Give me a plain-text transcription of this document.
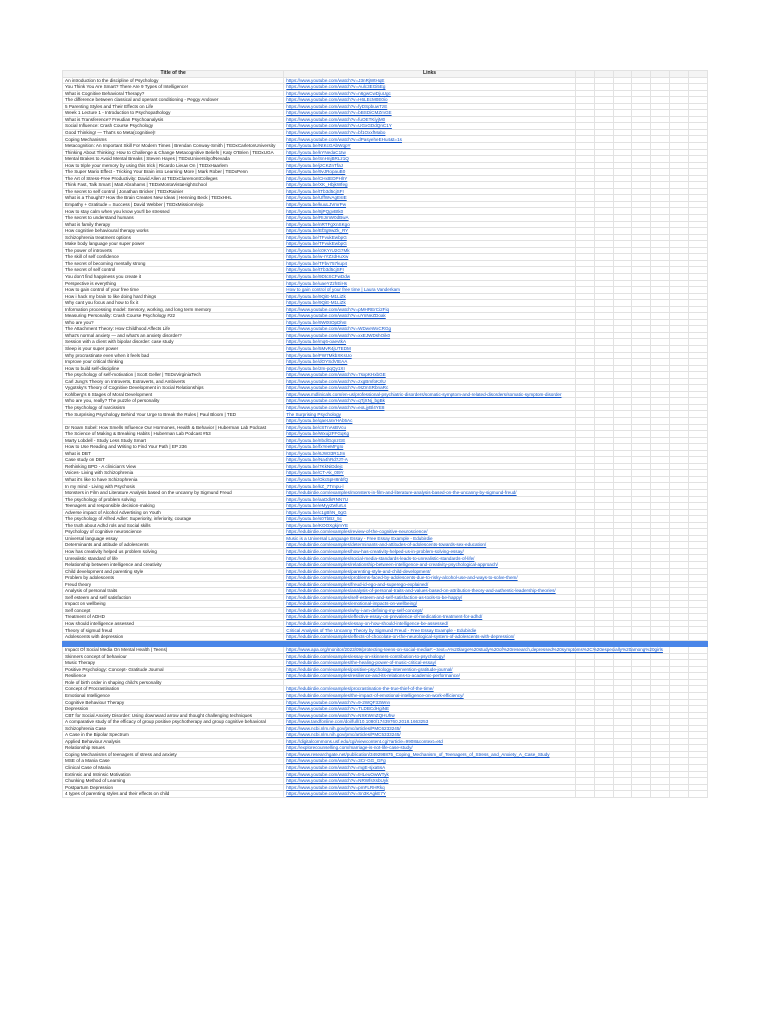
Title of the	Links							
An introduction to the discipline of Psychology	https://www.youtube.com/watch?v=J3nRjWtHqE							
You Think You Are Smart? There Are 9 Types of Intelligence!	https://www.youtube.com/watch?v=Aulc3EGi5Eg							
What is Cognitive Behavioral Therapy?	https://www.youtube.com/watch?v=n6gwCwDjuUgc							
The difference between classical and operant conditioning - Peggy Andover	https://www.youtube.com/watch?v=H6LEcM0E0io							
5 Parenting Styles and Their Effects on Life	https://www.youtube.com/watch?v=fyDSpbuwTzE							
Week 1 Lecture 1 - Introduction to Psychopathology	https://www.youtube.com/watch?v=bBSDiCMZmGE							
What is Transference? Freudian Psychoanalysis	https://www.youtube.com/watch?v=fuOETKiyjM0							
Social Influence: Crash Course Psychology	https://www.youtube.com/watch?v=UGxGDdQnC1Y							
Good Thinking! — That's so Meta(cognitive)!	https://www.youtube.com/watch?v=bf1OxxfMabo							
Coping Mechanisms	https://www.youtube.com/watch?v=dPasyeheEHu4&t=1s							
Metacognition: An Important Skill For Modern Times | Brendan Conway-Smith | TEDxCarletonUniversity	https://youtu.be/NtKcGAbWqpY							
Thinking About Thinking: How to Challenge & Change Metacognitive Beliefs | Katy O'Brien | TEDxUGA	https://youtu.be/kYNedaC1tw							
Mental Brakes to Avoid Mental Breaks | Steven Hayes | TEDxUniversityofNevada	https://youtu.be/SnHnjBRLz1Q							
How to triple your memory by using this trick | Ricardo Lieuw On | TEDxHaarlem	https://youtu.be/jzCKZnTfaJ							
The Super Mario Effect - Tricking Your Brain into Learning More | Mark Rober | TEDxPenn	https://youtu.be/9vJRopauB0							
The Art of Stress-Free Productivity: David Allen at TEDxClaremontColleges	https://youtu.be/CHxtEDPHlIY							
Think Fast, Talk Smart | Matt Abrahams | TEDxMontaVistaHighSchool	https://youtu.be/XK_HbjkWfeg							
The secret to self control | Jonathan Bricker | TEDxRainier	https://youtu.be/tTb3d5cjSFI							
What is a Thought? How the Brain Creates New Ideas | Henning Beck | TEDxHHL	https://youtu.be/UffWvAgEsIE							
Empathy + Gratitude = Success | David Webber | TEDxMissionViejo	https://youtu.be/kuuLJVmrPw							
How to stay calm when you know you'll be stressed	https://youtu.be/8jPQgvBtk0							
The secret to understand humans	https://youtu.be/RIJmW0dBwA							
What is family therapy	https://youtu.be/nRTFgXnSKgo							
How cognitive behavioural therapy works	https://youtu.be/Ef3g9wZk_RY							
Schizophrenia treatment options	https://youtu.be/TFvukEwbpG							
Make body language your super power	https://youtu.be/TFvukEwbpG							
The power of introverts	https://youtu.be/c0KYrU2G7Mk							
The skill of self confidence	https://youtu.be/w-rYZzdHuXw							
The secret of becoming mentally strong	https://youtu.be/TFbv757kup4							
The secret of self control	https://youtu.be/tTb3d5cjSFI							
You don't find happiness you create it	https://youtu.be/9DtcSCFwDdw							
Perspective is everything	https://youtu.be/uaeYZzhEiHs							
How to gain control of your free time	How to gain control of your free time | Laura Vanderkam							
How i hack my brain to like doing hard things	https://youtu.be/9QiE-M1LiZk							
Why cant you focus and how to fix it	https://youtu.be/9QiE-M1LiZk							
Information processing model: Sensory, working, and long term memory	https://www.youtube.com/watch?v=pMHRErCi2Fiq							
Measuring Personality: Crash Course Psychology #22	https://www.youtube.com/watch?v=uYnNeZDoak							
Who are you?	https://youtu.be/9W0tIOpDhsI							
The Attachment Theory: How Childhood Affects Life	https://www.youtube.com/watch?v=WDweWxCRGg							
What's normal anxiety — and what's an anxiety disorder?	https://www.youtube.com/watch?v=xxEJWDshOik0							
Session with a client with bipolar disorder: case study	https://youtu.be/mq6-oaevtkA							
Sleep is your super power	https://youtu.be/5MvR4jUTEDM							
Why procrastinate even when it feels bad	https://youtu.be/FW7MkbXKsUo							
Improve your critical thinking	https://youtu.be/dOYSdVtEAA							
How to build self-discipline	https://youtu.be/2m-pqQy1XI							
The psychology of self-motivation | Scott Geller | TEDxVirginiaTech	https://www.youtube.com/watch?v=7sxpKHxbGE							
Carl Jung's Theory on Introverts, Extraverts, and Ambiverts	https://www.youtube.com/watch?v=zxgBmfoKzlU							
Vygotsky's Theory of Cognitive Development in Social Relationships	https://www.youtube.com/watch?v=9IZmSRbnaRc							
Kohlberg's 6 Stages of Moral Development	https://www.mdlinicals.com/en-us/professional-psychiatric-disorders/somatic-symptom-and-related-disorders/somatic-symptom-disorder							
Who are you, really? The puzzle of personality	https://www.youtube.com/watch?v=qTjXNj_bgBk							
The psychology of narcissism	https://www.youtube.com/watch?v=eoLjyBl4YE8							
The Surprising Psychology Behind Your Urge to Break the Rules | Paul Bloom | TED	The Surprising Psychology							
	https://youtu.be/qaeUaVHAb5Ac							
Dr Noam Sobel: How Smells Influence Our Hormones, Health & Behavior | Huberman Lab Podcast	https://youtu.be/cSTnAsBVcu							
The Science of Making & Breaking Habits | Huberman Lab Podcast #53	https://youtu.be/Wxuj2FFGqKg							
Marty Lobdell - Study Less Study Smart	https://youtu.be/IIbdlGqnzGE							
How to Use Reading and Writing to Find Your Path | EP 236	https://youtu.be/fxYeeMFgIo							
What is DBT	https://youtu.be/6JW33R1JIn							
Case study on DBT	https://youtu.be/Na4hRd7JT-A							
Rethinking BPD - A clinician's View	https://youtu.be/7KkNiDdejc							
Voices- Living with Schizophrenia	https://youtu.be/CT-Ak_0t9Y							
What it's like to have Schizophrenia	https://youtu.be/Okc5pH8nbfQ							
In my mind - Living with Psychosis	https://youtu.be/kZ_7Tmpu-l							
Monsters in Film and Literature Analysis based on the uncanny by Sigmund Freud	https://edubirdie.com/examples/monsters-in-film-and-literature-analysis-based-on-the-uncanny-by-sigmund-freud/							
The psychology of problem solving	https://youtu.be/aaDdkRNN7U							
Teenagers and responsible decision-making	https://youtu.be/eMyyZwfurLs							
Adverse impact of Alcohol Advertising on Youth	https://youtu.be/c1gBhN_0gG							
The psychology of Alfred Adler: Superiority, inferiority, courage	https://youtu.be/s0TbBz_5c							
The truth about Adhd rols and Social skills	https://youtu.be/KOOXgkjmYE							
Psychology of cognitive neuroscience	https://edubirdie.com/examples/review-of-the-cognitive-neuroscience/							
Universal language essay	Music is a Universal Language Essay - Free Essay Example - Edubirdie							
Determinants and attitude of adolescents	https://edubirdie.com/examples/determinants-and-attitudes-of-adolescents-towards-sex-education/							
How has creativity helped us problem solving	https://edubirdie.com/examples/how-has-creativity-helped-us-in-problem-solving-essay/							
Unrealistic standard of life	https://edubirdie.com/examples/social-media-standards-leads-to-unrealistic-standards-of-life/							
Relationship between intelligence and creativity	https://edubirdie.com/examples/relationship-between-intelligence-and-creativity-psychological-approach/							
Child development and parenting style	https://edubirdie.com/examples/parenting-style-and-child-development/							
Problem by adolescents	https://edubirdie.com/examples/problems-faced-by-adolescents-due-to-risky-alcohol-use-and-ways-to-solve-them/							
Freud theory	https://edubirdie.com/examples/freud-id-ego-and-superego-explained/							
Analysis of personal traits	https://edubirdie.com/examples/analysis-of-personal-traits-and-values-based-on-attribution-theory-and-authentic-leadership-theories/							
Self esteem and self satisfaction	https://edubirdie.com/examples/self-esteem-and-self-satisfaction-as-tools-to-be-happy/							
Impact on wellbeing	https://edubirdie.com/examples/emotional-impacts-on-wellbeing/							
Self concept	https://edubirdie.com/examples/why-i-am-defining-my-self-concept/							
Treatment of ADHD	https://edubirdie.com/examples/effective-essay-on-prevalence-of-medication-treatment-for-adhd/							
How should intelligence assessed	https://edubirdie.com/examples/essay-on-how-should-intelligence-be-assessed/							
Theory of sigmud freud	Critical Analysis of The Uncanny Theory by Sigmund Freud - Free Essay Example - Edubirdie							
Adolescents with depression	https://edubirdie.com/examples/effects-of-chocolate-on-the-neurological-system-of-adolescents-with-depression/							

Impact Of Social Media On Mental Health ( Teens)	https://www.apa.org/monitor/2023/09/protecting-teens-on-social-media#:~:text=A%20large%20study%20of%20research,depressed%20symptoms%2C%20especially%20among%20girls							
Skinners concept of behaviour	https://edubirdie.com/examples/essay-on-skinners-contribution-to-psychology/							
Music Therapy	https://edubirdie.com/examples/the-healing-power-of-music-critical-essay/							
Positive Psychology: Concept- Gratitude Journal	https://edubirdie.com/examples/positive-psychology-intervention-gratitude-journal/							
Resilience	https://edubirdie.com/examples/resilience-and-its-relations-to-academic-performance/							
Role of birth order in shaping child's personality								
Concept of Procrastination	https://edubirdie.com/examples/procrastination-the-true-thief-of-the-time/							
Emotional Intelligence	https://edubirdie.com/examples/the-impact-of-emotional-intelligence-on-work-efficiency/							
Cognitive Behaviour Therapy	https://www.youtube.com/watch?v=9-2WQF33Wnn							
Depression	https://www.youtube.com/watch?v=TLDBCdHgiNE							
CBT for Social Anxiety Disorder: Using downward arrow and thought challenging techniques	https://www.youtube.com/watch?v=NXKWmZQHUhw							
A comparative study of the efficacy of group positive psychotherapy and group cognitive behavioral	https://www.tandfonline.com/doi/full/10.1080/17439760.2018.1663253							
Schizophrenia Case	https://www.ncbi.nlm.nih.gov/pmc/articles/PMC6233245/							
A Case in the Bipolar Spectrum	https://www.ncbi.nlm.nih.gov/pmc/articles/PMC5333245/							
Applied Behaviour Analysis	https://digitalcommons.usf.edu/cgi/viewcontent.cgi?article=9908&context=etd							
Relationship Issues	https://explorecounselling.com/marriage-is-not-life-case-study/							
Coping Mechanisms of teenagers of stress and anxiety	https://www.researchgate.net/publication/349298875_Coping_Mechanism_of_Teenagers_of_Stress_and_Anxiety_A_Case_Study							
MSE of a Mania Case	https://www.youtube.com/watch?v=3Cr-GG_GFg							
Clinical Case of Mania	https://www.youtube.com/watch?v=mgE-sjxa5sA							
Extrinsic and Intrinsic Motivation	https://www.youtube.com/watch?v=tHLeuOwWTyk							
Chunking Method of Learning	https://www.youtube.com/watch?v=NRWfsXsbUyk							
Postpartum Depression	https://www.youtube.com/watch?v=pmFLRHRkq							
4 types of parenting styles and their effects on child	https://www.youtube.com/watch?v=Sn3KAgkE7Y							
